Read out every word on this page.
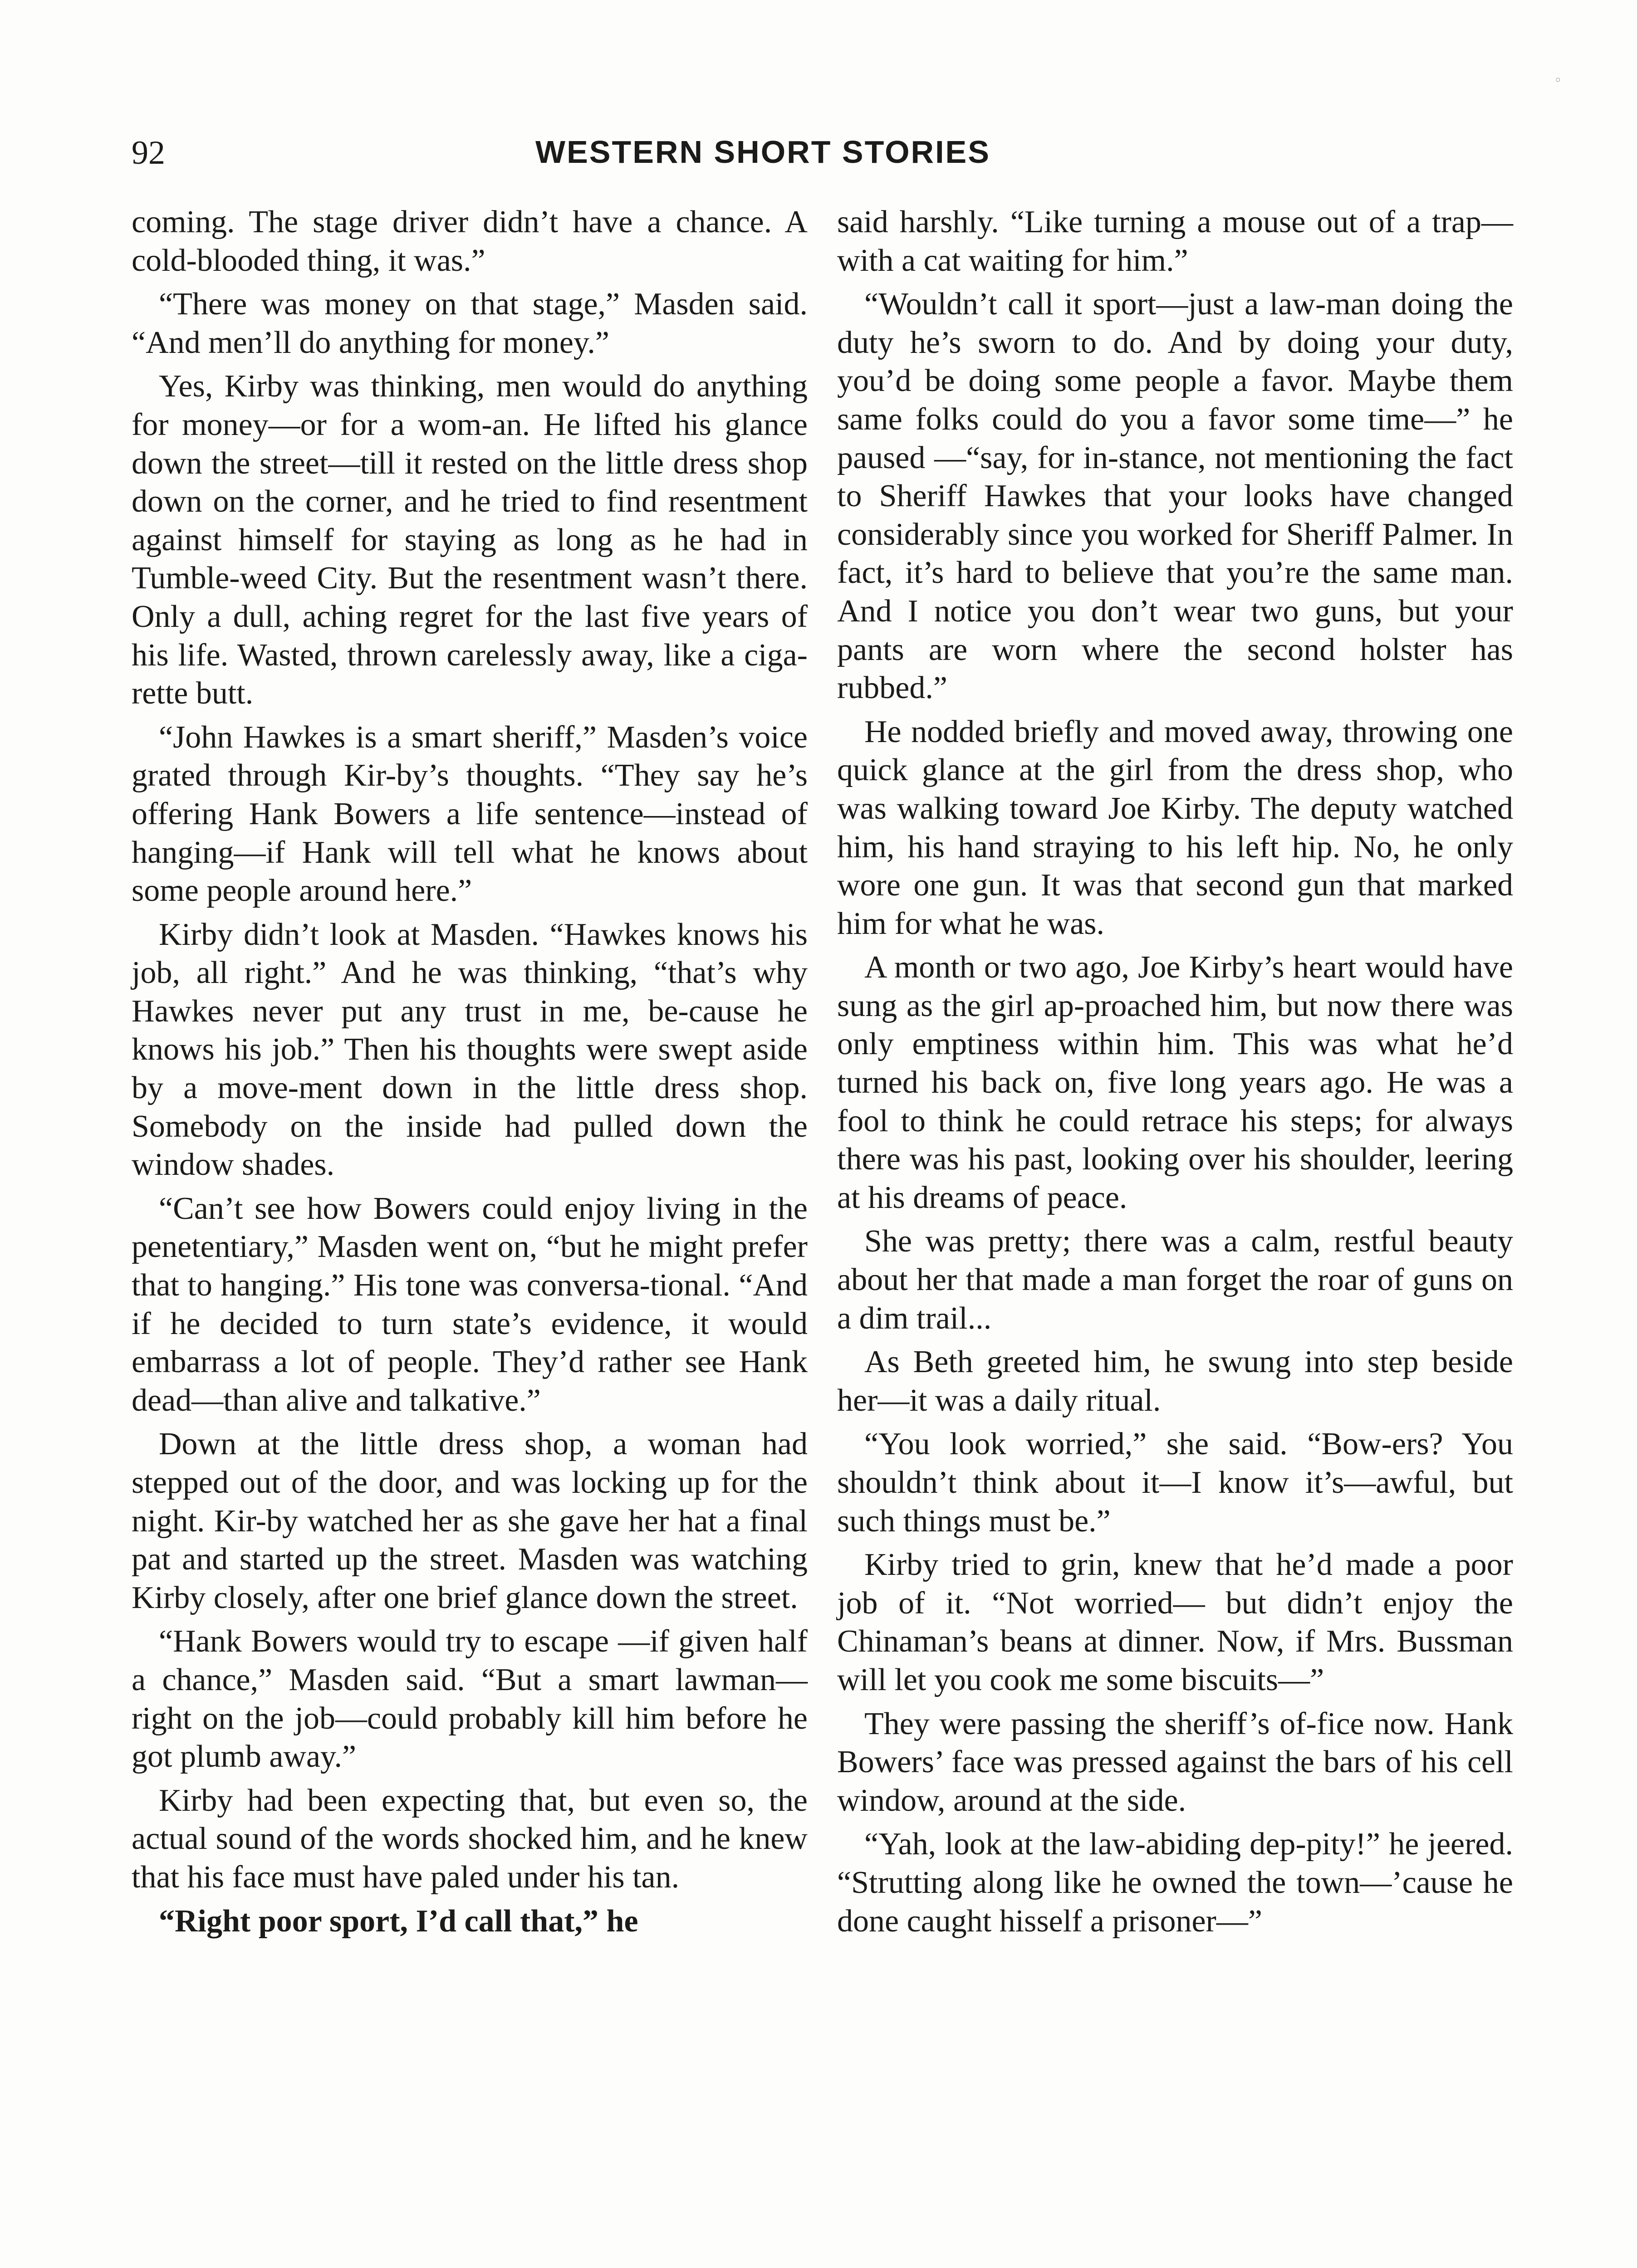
◦
92	WESTERN SHORT STORIES

coming. The stage driver didn’t have a chance. A cold-blooded thing, it was.”

“There was money on that stage,” Masden said. “And men’ll do anything for money.”

Yes, Kirby was thinking, men would do anything for money—or for a wom-an. He lifted his glance down the street—till it rested on the little dress shop down on the corner, and he tried to find resentment against himself for staying as long as he had in Tumble-weed City. But the resentment wasn’t there. Only a dull, aching regret for the last five years of his life. Wasted, thrown carelessly away, like a ciga-rette butt.

“John Hawkes is a smart sheriff,” Masden’s voice grated through Kir-by’s thoughts. “They say he’s offering Hank Bowers a life sentence—instead of hanging—if Hank will tell what he knows about some people around here.”

Kirby didn’t look at Masden. “Hawkes knows his job, all right.” And he was thinking, “that’s why Hawkes never put any trust in me, be-cause he knows his job.” Then his thoughts were swept aside by a move-ment down in the little dress shop. Somebody on the inside had pulled down the window shades.

“Can’t see how Bowers could enjoy living in the penetentiary,” Masden went on, “but he might prefer that to hanging.” His tone was conversa-tional. “And if he decided to turn state’s evidence, it would embarrass a lot of people. They’d rather see Hank dead—than alive and talkative.”

Down at the little dress shop, a woman had stepped out of the door, and was locking up for the night. Kir-by watched her as she gave her hat a final pat and started up the street. Masden was watching Kirby closely, after one brief glance down the street.

“Hank Bowers would try to escape —if given half a chance,” Masden said. “But a smart lawman—right on the job—could probably kill him before he got plumb away.”

Kirby had been expecting that, but even so, the actual sound of the words shocked him, and he knew that his face must have paled under his tan.

“Right poor sport, I’d call that,” he

said harshly. “Like turning a mouse out of a trap—with a cat waiting for him.”

“Wouldn’t call it sport—just a law-man doing the duty he’s sworn to do. And by doing your duty, you’d be doing some people a favor. Maybe them same folks could do you a favor some time—” he paused —“say, for in-stance, not mentioning the fact to Sheriff Hawkes that your looks have changed considerably since you worked for Sheriff Palmer. In fact, it’s hard to believe that you’re the same man. And I notice you don’t wear two guns, but your pants are worn where the second holster has rubbed.”

He nodded briefly and moved away, throwing one quick glance at the girl from the dress shop, who was walking toward Joe Kirby. The deputy watched him, his hand straying to his left hip. No, he only wore one gun. It was that second gun that marked him for what he was.

A month or two ago, Joe Kirby’s heart would have sung as the girl ap-proached him, but now there was only emptiness within him. This was what he’d turned his back on, five long years ago. He was a fool to think he could retrace his steps; for always there was his past, looking over his shoulder, leering at his dreams of peace.

She was pretty; there was a calm, restful beauty about her that made a man forget the roar of guns on a dim trail...

As Beth greeted him, he swung into step beside her—it was a daily ritual.

“You look worried,” she said. “Bow-ers? You shouldn’t think about it—I know it’s—awful, but such things must be.”

Kirby tried to grin, knew that he’d made a poor job of it. “Not worried— but didn’t enjoy the Chinaman’s beans at dinner. Now, if Mrs. Bussman will let you cook me some biscuits—”

They were passing the sheriff’s of-fice now. Hank Bowers’ face was pressed against the bars of his cell window, around at the side.

“Yah, look at the law-abiding dep-pity!” he jeered. “Strutting along like he owned the town—’cause he done caught hisself a prisoner—”
